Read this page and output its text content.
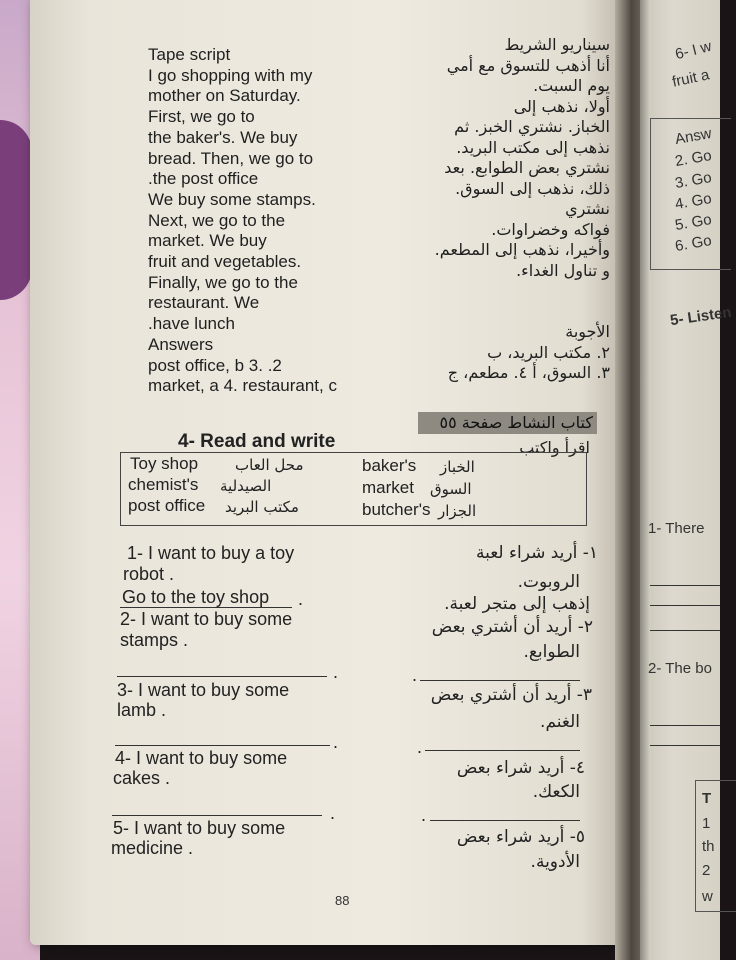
Tape script
I go shopping with my
mother on Saturday.
First, we go to
the baker's. We buy
bread. Then, we go to
.the post office
We buy some stamps.
Next, we go to the
market. We buy
fruit and vegetables.
Finally, we go to the
restaurant. We
.have lunch
Answers
post office, b 3. .2
market, a 4. restaurant, c
سيناريو الشريط
أنا أذهب للتسوق مع أمي
يوم السبت.
أولا، نذهب إلى
الخباز. نشتري الخبز. ثم
نذهب إلى مكتب البريد.
نشتري بعض الطوابع. بعد
ذلك، نذهب إلى السوق.
نشتري
فواكه وخضراوات.
وأخيرا، نذهب إلى المطعم.
و تناول الغداء.
الأجوبة
٢. مكتب البريد، ب
٣. السوق، أ ٤. مطعم، ج
كتاب النشاط صفحة ٥٥
4- Read and write	اقرأ واكتب
Toy shop محل العاب	baker's الخباز
chemist's الصيدلية	market السوق
post office مكتب البريد	butcher's الجزار
1- I want to buy a toy
robot .
Go to the toy shop .
١- أريد شراء لعبة
الروبوت.
إذهب إلى متجر لعبة.
2- I want to buy some
stamps .
.
٢- أريد أن أشتري بعض
الطوابع.
.
3- I want to buy some
lamb .
.
٣- أريد أن أشتري بعض
الغنم.
.
4- I want to buy some
cakes .
.
٤- أريد شراء بعض
الكعك.
.
5- I want to buy some
medicine .
٥- أريد شراء بعض
الأدوية.
88
6- I w
fruit a
Answ
2. Go
3. Go
4. Go
5. Go
6. Go
5- Listen
1- There
2- The bo
T
1
th
2
w
